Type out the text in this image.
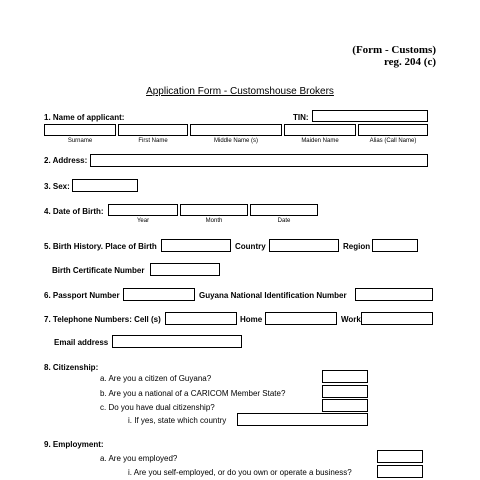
(Form - Customs)
reg. 204 (c)
Application Form - Customshouse Brokers
1. Name of applicant:	TIN:
Surname	First Name	Middle Name (s)	Maiden Name	Alias (Call Name)
2. Address:
3. Sex:
4. Date of Birth:
Year	Month	Date
5. Birth History. Place of Birth	Country	Region
Birth Certificate Number
6. Passport Number	Guyana National Identification Number
7. Telephone Numbers: Cell (s)	Home	Work
Email address
8. Citizenship:
a. Are you a citizen of Guyana?
b. Are you a national of a CARICOM Member State?
c. Do you have dual citizenship?
i. If yes, state which country
9. Employment:
a. Are you employed?
i. Are you self-employed, or do you own or operate a business?
